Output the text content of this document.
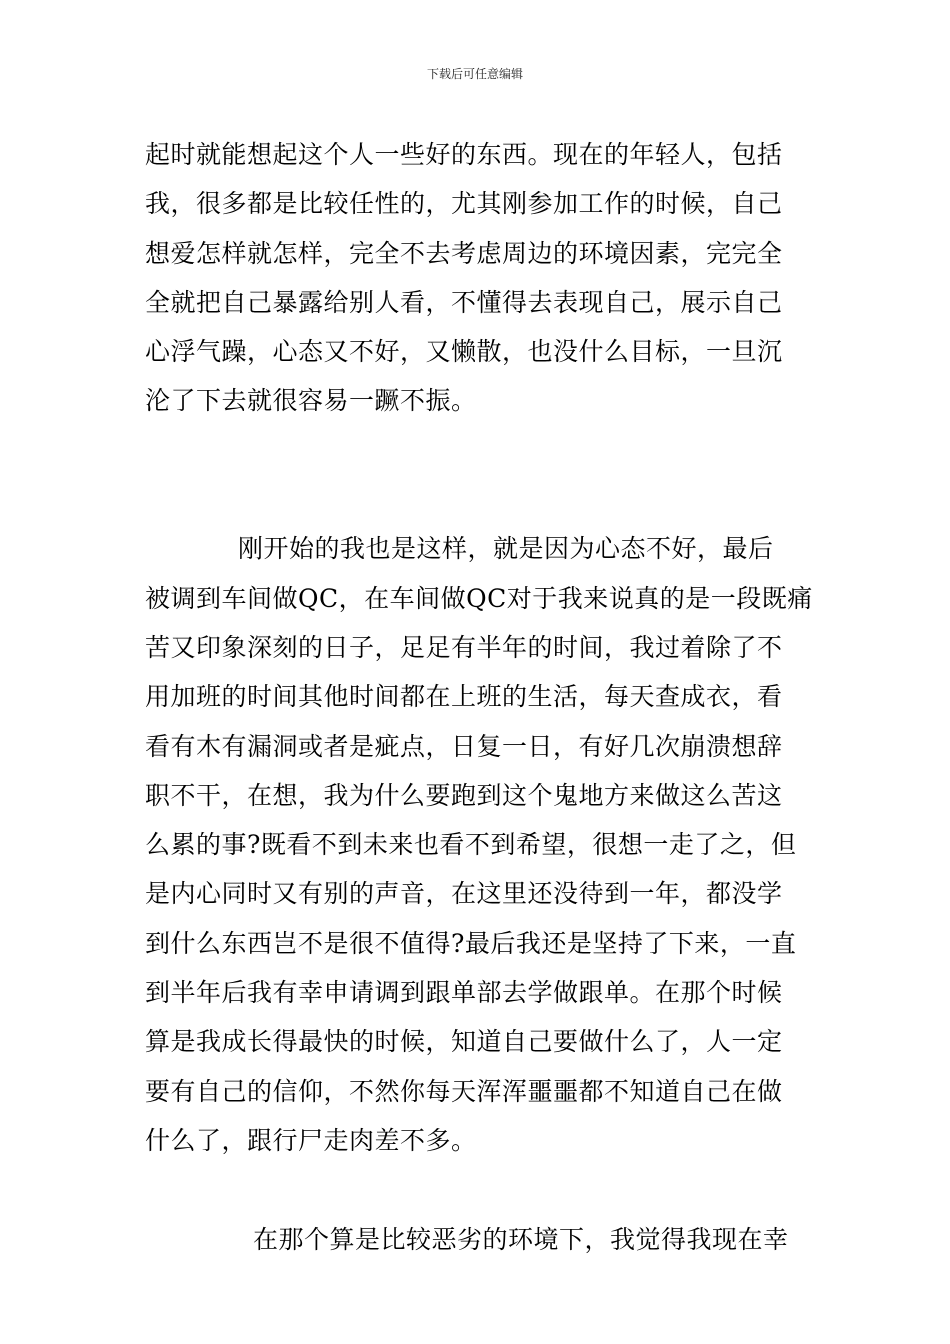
下载后可任意编辑
起时就能想起这个人一些好的东西。现在的年轻人，包括
我，很多都是比较任性的，尤其刚参加工作的时候，自己
想爱怎样就怎样，完全不去考虑周边的环境因素，完完全
全就把自己暴露给别人看，不懂得去表现自己，展示自己
心浮气躁，心态又不好，又懒散，也没什么目标，一旦沉
沦了下去就很容易一蹶不振。
刚开始的我也是这样，就是因为心态不好，最后
被调到车间做QC，在车间做QC对于我来说真的是一段既痛
苦又印象深刻的日子，足足有半年的时间，我过着除了不
用加班的时间其他时间都在上班的生活，每天查成衣，看
看有木有漏洞或者是疵点，日复一日，有好几次崩溃想辞
职不干，在想，我为什么要跑到这个鬼地方来做这么苦这
么累的事?既看不到未来也看不到希望，很想一走了之，但
是内心同时又有别的声音，在这里还没待到一年，都没学
到什么东西岂不是很不值得?最后我还是坚持了下来，一直
到半年后我有幸申请调到跟单部去学做跟单。在那个时候
算是我成长得最快的时候，知道自己要做什么了，人一定
要有自己的信仰，不然你每天浑浑噩噩都不知道自己在做
什么了，跟行尸走肉差不多。
在那个算是比较恶劣的环境下，我觉得我现在幸
